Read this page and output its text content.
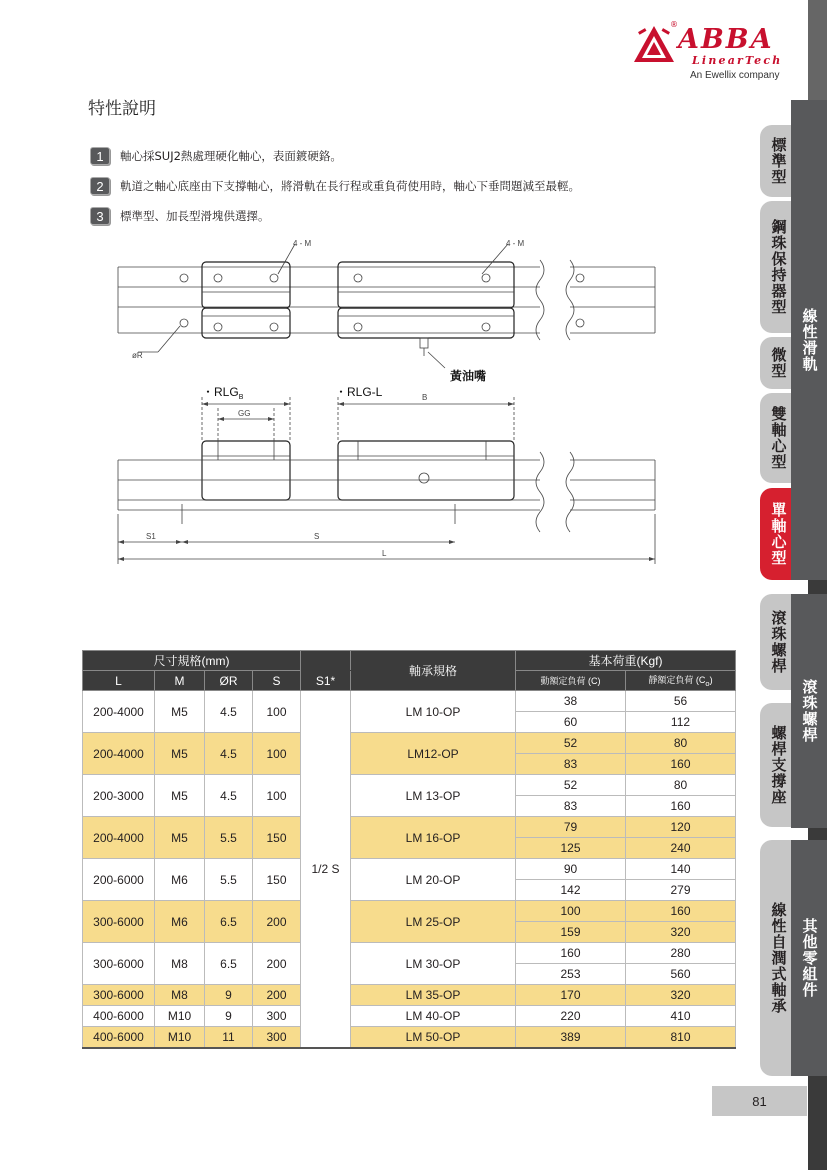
® ABBA
LinearTech
An Ewellix company
特性說明
1	軸心採SUJ2熱處理硬化軸心，表面鍍硬鉻。
2	軌道之軸心底座由下支撐軸心，將滑軌在長行程或重負荷使用時，軸心下垂問題減至最輕。
3	標準型、加長型滑塊供選擇。
4 - M	4 - M
øR
黃油嘴
・$RLG_B$	・RLG-L	B
GG
S1	S
L
尺寸規格(mm)					軸承規格	基本荷重(Kgf)	
L	M	ØR	S	S1*		動額定負荷 (C)	靜額定負荷 $(C_o)$
200-4000	M5	4.5	100	1/2 S	LM 10-OP	38	56
						60	112
200-4000	M5	4.5	100		LM12-OP	52	80
						83	160
200-3000	M5	4.5	100		LM 13-OP	52	80
						83	160
200-4000	M5	5.5	150		LM 16-OP	79	120
						125	240
200-6000	M6	5.5	150		LM 20-OP	90	140
						142	279
300-6000	M6	6.5	200		LM 25-OP	100	160
						159	320
300-6000	M8	6.5	200		LM 30-OP	160	280
						253	560
300-6000	M8	9	200		LM 35-OP	170	320
400-6000	M10	9	300		LM 40-OP	220	410
400-6000	M10	11	300		LM 50-OP	389	810
標準型
鋼珠保持器型
微型
雙軸心型
單軸心型
滾珠螺桿
螺桿支撐座
線性自潤式軸承
線性滑軌
滾珠螺桿
其他零組件
81
